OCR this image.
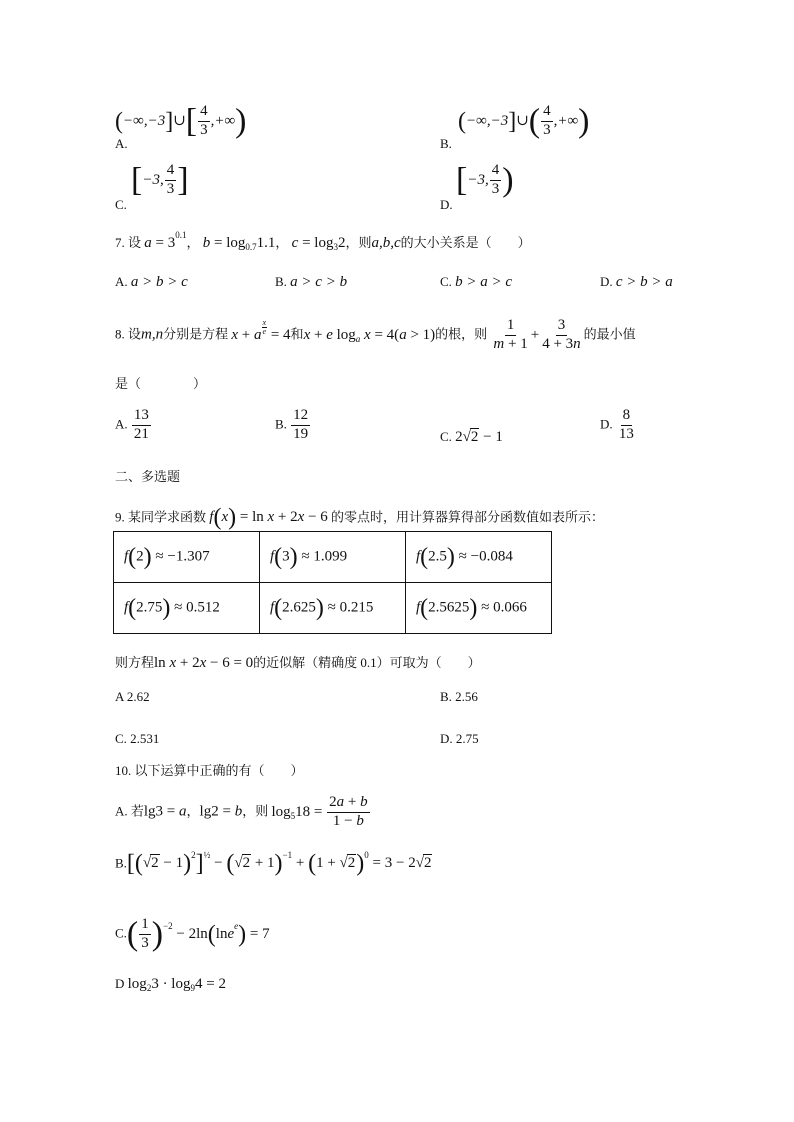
(−∞,−3]∪[ $\frac{4}{3}$ ,+∞)
A.
(−∞,−3]∪( $\frac{4}{3}$ ,+∞)
B.
[−3, $\frac{4}{3}$ ]
C.
[−3, $\frac{4}{3}$ )
D.
7. 设 $a = 3^{0.1}$， $b = \log_{0.7}1.1$， $c = \log_32$，则a,b,c的大小关系是（　　）
A. a > b > c	B. a > c > b	C. b > a > c	D. c > b > a
8. 设m,n分别是方程 x + a $\frac{x}{e} = 4$和x + e $\log_a x = 4(a > 1)$的根，则 $\frac{1}{m + 1} + \frac{3}{4 + 3n}$ 的最小值
是（　　　　）
A. $\frac{13}{21}$	B. $\frac{12}{19}$	C. 2√2 − 1
D. $\frac{8}{13}$
二、多选题
9. 某同学求函数 f(x) = ln x + 2x − 6 的零点时，用计算器算得部分函数值如表所示：
f(2) ≈ −1.307	f(3) ≈ 1.099	f(2.5) ≈ −0.084
f(2.75) ≈ 0.512	f(2.625) ≈ 0.215	f(2.5625) ≈ 0.066
则方程ln x + 2x − 6 = 0的近似解（精确度 0.1）可取为（　　）
A 2.62	B. 2.56
C. 2.531	D. 2.75
10. 以下运算中正确的有（　　）
A. 若lg3 = a，lg2 = b，则 $\log_518 = \frac{2a + b}{1 - b}$
$B.[(√2 - 1)^2]^{\frac{1}{2}} - (√2 + 1)^{-1} + (1 + √2)^0 = 3 - 2√2$
$C.( \frac{1}{3} )^{-2} - 2\ln(\ln e^e) = 7$
D $\log_23 \cdot \log_94 = 2$
